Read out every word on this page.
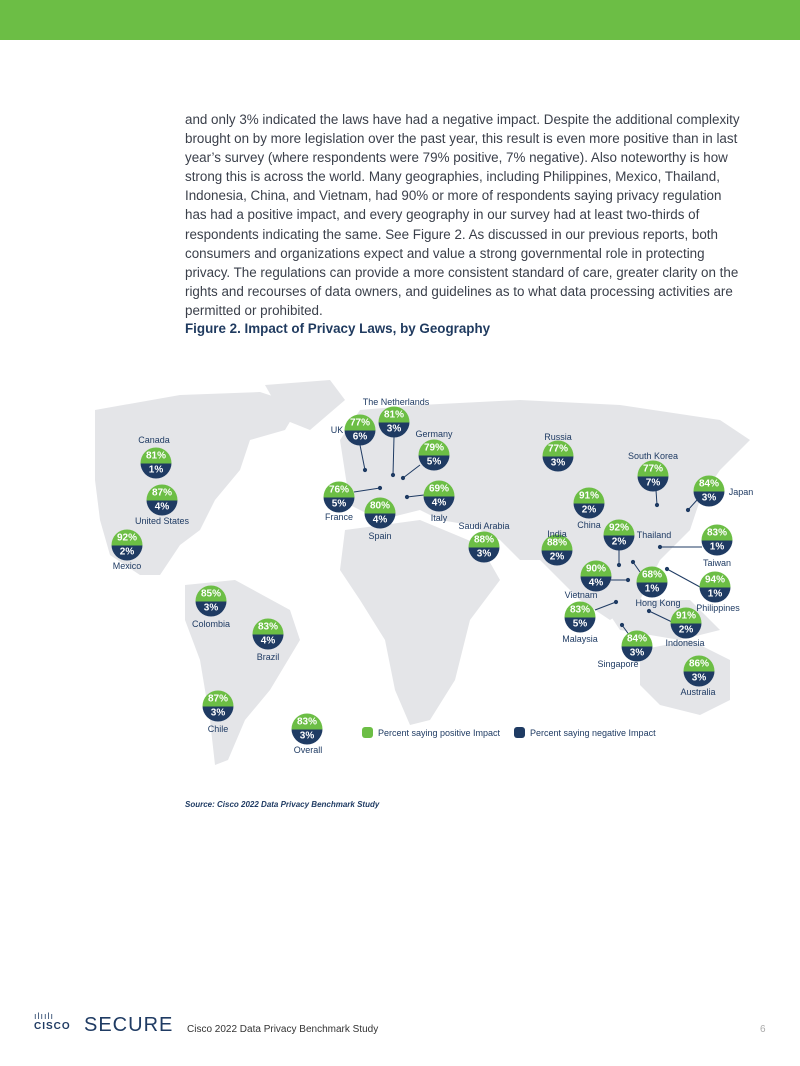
and only 3% indicated the laws have had a negative impact. Despite the additional complexity
brought on by more legislation over the past year, this result is even more positive than in last
year’s survey (where respondents were 79% positive, 7% negative). Also noteworthy is how
strong this is across the world. Many geographies, including Philippines, Mexico, Thailand,
Indonesia, China, and Vietnam, had 90% or more of respondents saying privacy regulation
has had a positive impact, and every geography in our survey had at least two-thirds of
respondents indicating the same. See Figure 2. As discussed in our previous reports, both
consumers and organizations expect and value a strong governmental role in protecting
privacy. The regulations can provide a more consistent standard of care, greater clarity on the
rights and recourses of data owners, and guidelines as to what data processing activities are
permitted or prohibited.
Figure 2. Impact of Privacy Laws, by Geography
81%
1%
Canada
87%
4%
United States
92%
2%
Mexico
81%
3%
The Netherlands
77%
6%
UK
79%
5%
Germany
76%
5%
France
80%
4%
Spain
69%
4%
Italy
88%
3%
Saudi Arabia
77%
3%
Russia
77%
7%
South Korea
84%
3%	Japan
91%
2%
China 92%
2%
Thailand
88%
2%
India	83%
1%
Taiwan
90%
4%
Vietnam
68%
1%
Hong Kong
94%
1%
Philippines
83%
5%
Malaysia
91%
2%
Indonesia
84%
3%
Singapore	86%
3%
Australia
85%
3%
Colombia	83%
4%
Brazil
87%
3%
Chile
83%
3%
Overall
Percent saying positive Impact	Percent saying negative Impact
Source: Cisco 2022 Data Privacy Benchmark Study
ılıılı
CISCO SECURE Cisco 2022 Data Privacy Benchmark Study	6
